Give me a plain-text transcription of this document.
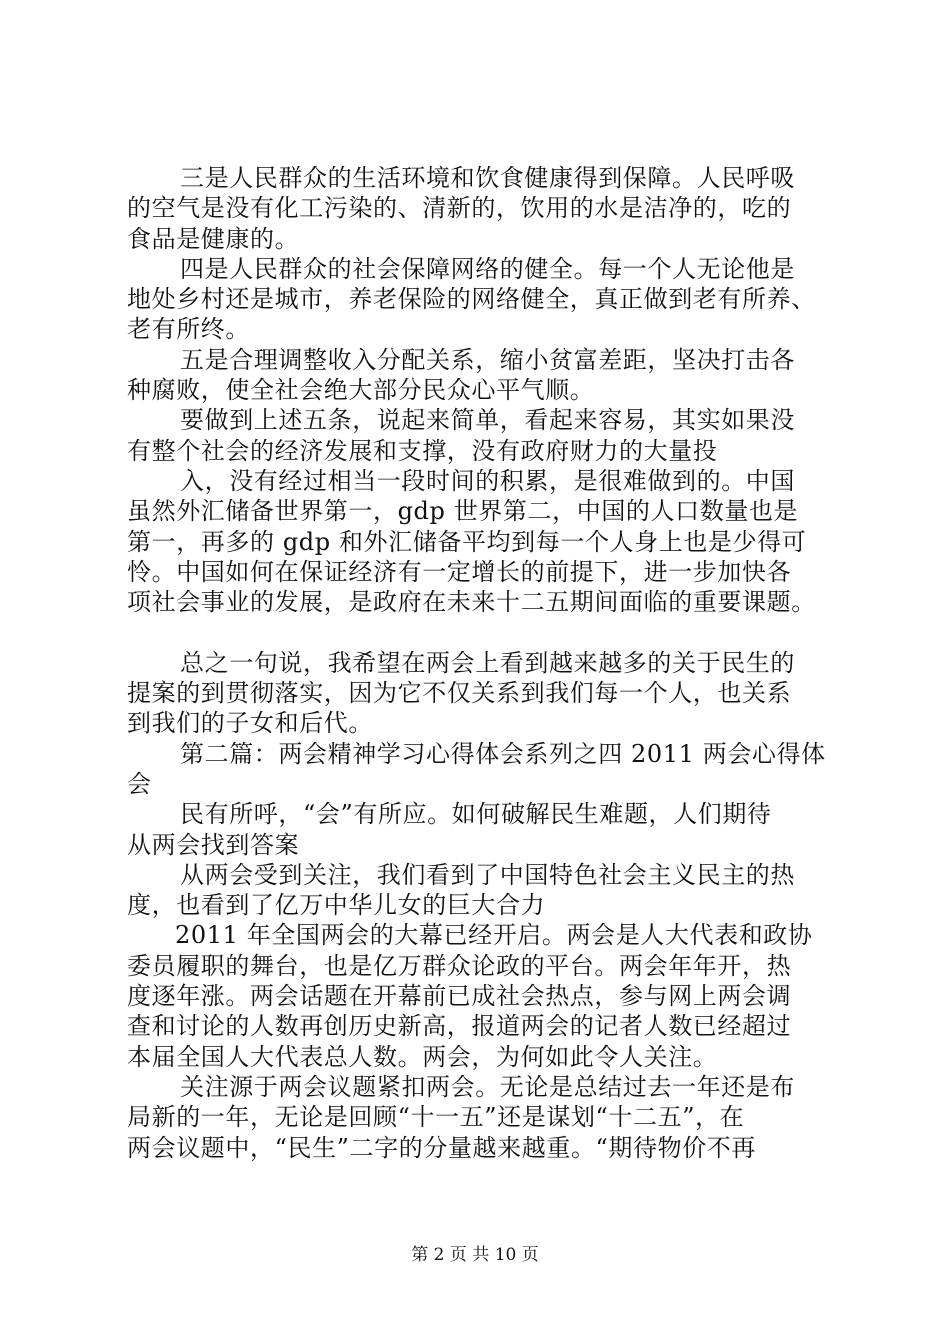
三是人民群众的生活环境和饮食健康得到保障。人民呼吸
的空气是没有化工污染的、清新的，饮用的水是洁净的，吃的
食品是健康的。
四是人民群众的社会保障网络的健全。每一个人无论他是
地处乡村还是城市，养老保险的网络健全，真正做到老有所养、
老有所终。
五是合理调整收入分配关系，缩小贫富差距，坚决打击各
种腐败，使全社会绝大部分民众心平气顺。
要做到上述五条，说起来简单，看起来容易，其实如果没
有整个社会的经济发展和支撑，没有政府财力的大量投
入，没有经过相当一段时间的积累，是很难做到的。中国
虽然外汇储备世界第一，gdp 世界第二，中国的人口数量也是
第一，再多的 gdp 和外汇储备平均到每一个人身上也是少得可
怜。中国如何在保证经济有一定增长的前提下，进一步加快各
项社会事业的发展，是政府在未来十二五期间面临的重要课题。
总之一句说，我希望在两会上看到越来越多的关于民生的
提案的到贯彻落实，因为它不仅关系到我们每一个人，也关系
到我们的子女和后代。
第二篇：两会精神学习心得体会系列之四 2011 两会心得体
会
民有所呼，“会”有所应。如何破解民生难题，人们期待
从两会找到答案
从两会受到关注，我们看到了中国特色社会主义民主的热
度，也看到了亿万中华儿女的巨大合力
2011 年全国两会的大幕已经开启。两会是人大代表和政协
委员履职的舞台，也是亿万群众论政的平台。两会年年开，热
度逐年涨。两会话题在开幕前已成社会热点，参与网上两会调
查和讨论的人数再创历史新高，报道两会的记者人数已经超过
本届全国人大代表总人数。两会，为何如此令人关注。
关注源于两会议题紧扣两会。无论是总结过去一年还是布
局新的一年，无论是回顾“十一五”还是谋划“十二五”，在
两会议题中，“民生”二字的分量越来越重。“期待物价不再
第 2 页 共 10 页
